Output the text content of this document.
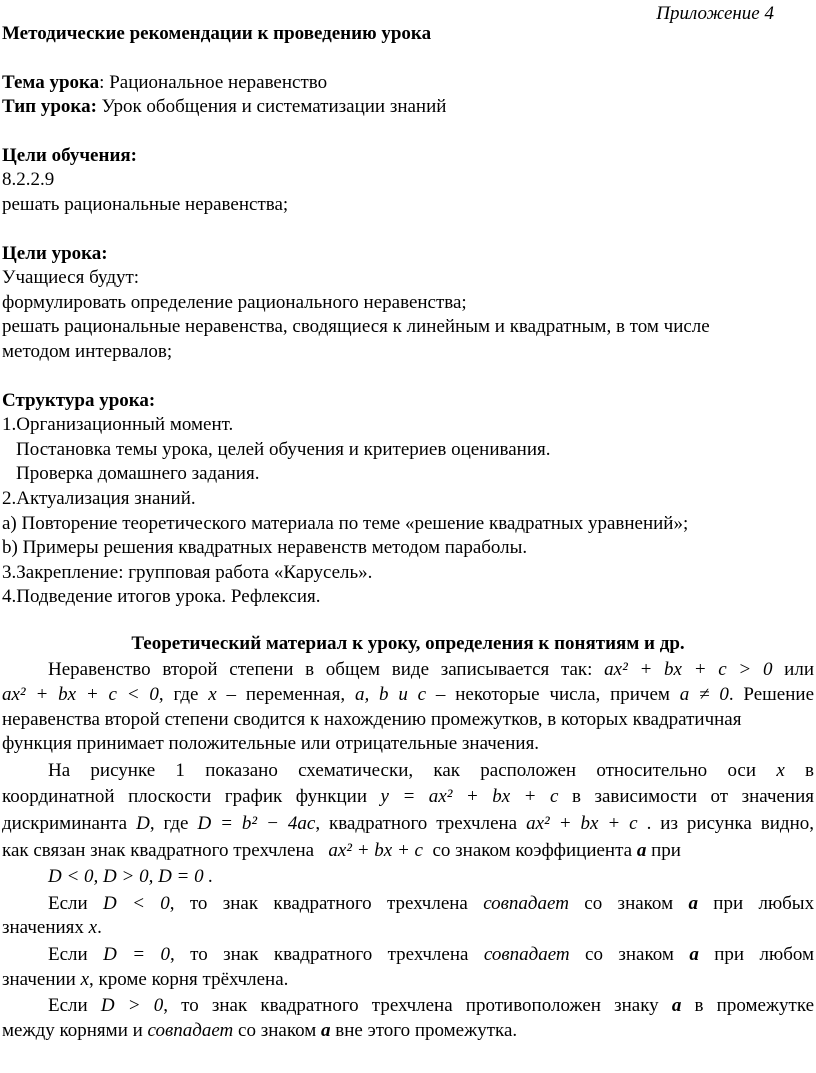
Приложение 4
Методические рекомендации к проведению урока
Тема урока: Рациональное неравенство
Тип урока: Урок обобщения и систематизации знаний
Цели обучения:
8.2.2.9
решать рациональные неравенства;
Цели урока:
Учащиеся будут:
формулировать определение рационального неравенства;
решать рациональные неравенства, сводящиеся к линейным и квадратным, в том числе
методом интервалов;
Структура урока:
1.Организационный момент.
Постановка темы урока, целей обучения и критериев оценивания.
Проверка домашнего задания.
2.Актуализация знаний.
a) Повторение теоретического материала по теме «решение квадратных уравнений»;
b) Примеры решения квадратных неравенств методом параболы.
3.Закрепление: групповая работа «Карусель».
4.Подведение итогов урока. Рефлексия.
Теоретический материал к уроку, определения к понятиям и др.
Неравенство второй степени в общем виде записывается так: ax² + bx + c > 0 или
ax² + bx + c < 0, где x – переменная, a, b и c – некоторые числа, причем a ≠ 0. Решение
неравенства второй степени сводится к нахождению промежутков, в которых квадратичная
функция принимает положительные или отрицательные значения.
На рисунке 1 показано схематически, как расположен относительно оси x в
координатной плоскости график функции y = ax² + bx + c в зависимости от значения
дискриминанта D, где D = b² − 4ac, квадратного трехчлена ax² + bx + c . из рисунка видно,
как связан знак квадратного трехчлена ax² + bx + c со знаком коэффициента a при
D < 0, D > 0, D = 0 .
Если D < 0, то знак квадратного трехчлена совпадает со знаком a при любых
значениях x.
Если D = 0, то знак квадратного трехчлена совпадает со знаком a при любом
значении x, кроме корня трёхчлена.
Если D > 0, то знак квадратного трехчлена противоположен знаку a в промежутке
между корнями и совпадает со знаком a вне этого промежутка.
